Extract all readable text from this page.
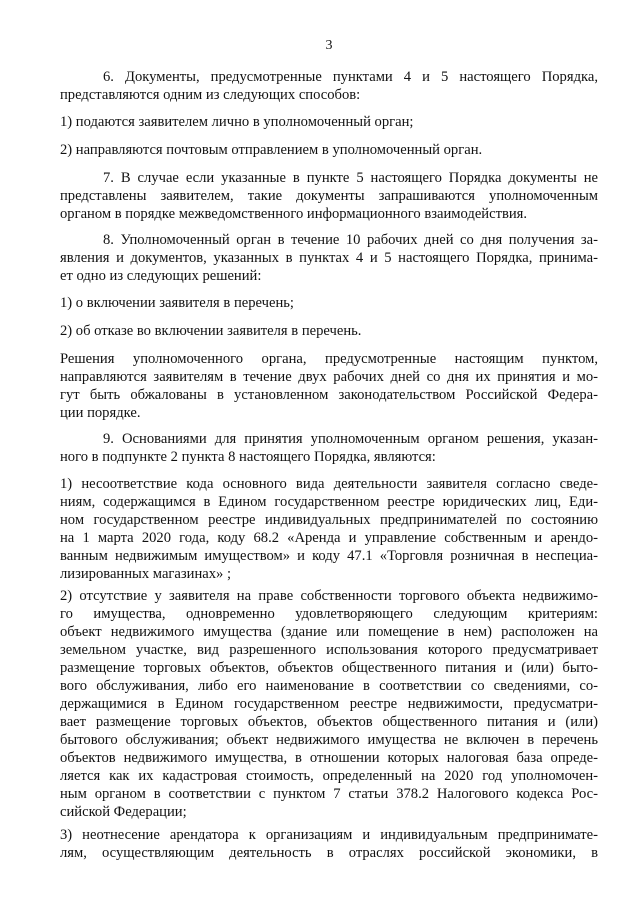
3
6. Документы, предусмотренные пунктами 4 и 5 настоящего Порядка,
представляются одним из следующих способов:
1) подаются заявителем лично в уполномоченный орган;
2) направляются почтовым отправлением в уполномоченный орган.
7. В случае если указанные в пункте 5 настоящего Порядка документы не
представлены заявителем, такие документы запрашиваются уполномоченным
органом в порядке межведомственного информационного взаимодействия.
8. Уполномоченный орган в течение 10 рабочих дней со дня получения за-
явления и документов, указанных в пунктах 4 и 5 настоящего Порядка, принима-
ет одно из следующих решений:
1) о включении заявителя в перечень;
2) об отказе во включении заявителя в перечень.
Решения уполномоченного органа, предусмотренные настоящим пунктом,
направляются заявителям в течение двух рабочих дней со дня их принятия и мо-
гут быть обжалованы в установленном законодательством Российской Федера-
ции порядке.
9. Основаниями для принятия уполномоченным органом решения, указан-
ного в подпункте 2 пункта 8 настоящего Порядка, являются:
1) несоответствие кода основного вида деятельности заявителя согласно сведе-
ниям, содержащимся в Едином государственном реестре юридических лиц, Еди-
ном государственном реестре индивидуальных предпринимателей по состоянию
на 1 марта 2020 года, коду 68.2 «Аренда и управление собственным и арендо-
ванным недвижимым имуществом» и коду 47.1 «Торговля розничная в неспециа-
лизированных магазинах» ;
2) отсутствие у заявителя на праве собственности торгового объекта недвижимо-
го имущества, одновременно удовлетворяющего следующим критериям:
объект недвижимого имущества (здание или помещение в нем) расположен на
земельном участке, вид разрешенного использования которого предусматривает
размещение торговых объектов, объектов общественного питания и (или) быто-
вого обслуживания, либо его наименование в соответствии со сведениями, со-
держащимися в Едином государственном реестре недвижимости, предусматри-
вает размещение торговых объектов, объектов общественного питания и (или)
бытового обслуживания; объект недвижимого имущества не включен в перечень
объектов недвижимого имущества, в отношении которых налоговая база опреде-
ляется как их кадастровая стоимость, определенный на 2020 год уполномочен-
ным органом в соответствии с пунктом 7 статьи 378.2 Налогового кодекса Рос-
сийской Федерации;
3) неотнесение арендатора к организациям и индивидуальным предпринимате-
лям, осуществляющим деятельность в отраслях российской экономики, в
